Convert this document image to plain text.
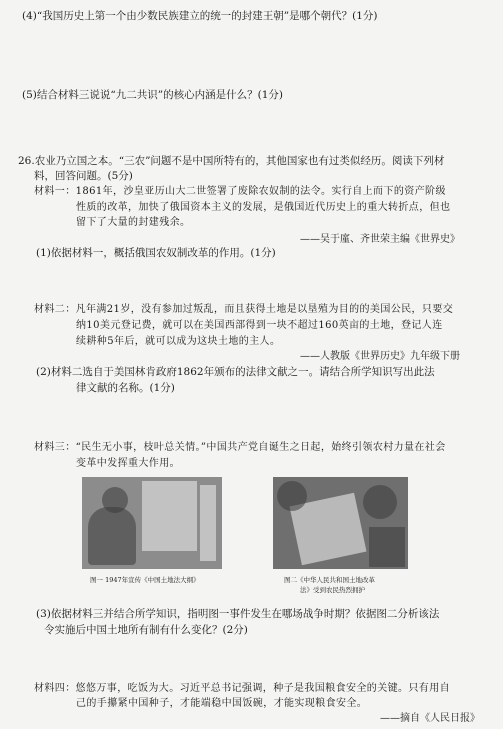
(4)“我国历史上第一个由少数民族建立的统一的封建王朝”是哪个朝代？(1分)
(5)结合材料三说说“九二共识”的核心内涵是什么？(1分)
26.农业乃立国之本。“三农”问题不是中国所特有的，其他国家也有过类似经历。阅读下列材
料，回答问题。(5分)
材料一：1861年，沙皇亚历山大二世签署了废除农奴制的法令。实行自上而下的资产阶级
性质的改革，加快了俄国资本主义的发展，是俄国近代历史上的重大转折点，但也
留下了大量的封建残余。
——吴于廑、齐世荣主编《世界史》
(1)依据材料一，概括俄国农奴制改革的作用。(1分)
材料二：凡年满21岁，没有参加过叛乱，而且获得土地是以垦殖为目的的美国公民，只要交
纳10美元登记费，就可以在美国西部得到一块不超过160英亩的土地，登记人连
续耕种5年后，就可以成为这块土地的主人。
——人教版《世界历史》九年级下册
(2)材料二选自于美国林肯政府1862年颁布的法律文献之一。请结合所学知识写出此法
律文献的名称。(1分)
材料三：“民生无小事，枝叶总关情。”中国共产党自诞生之日起，始终引领农村力量在社会
变革中发挥重大作用。
图一 1947年宣传《中国土地法大纲》	图二《中华人民共和国土地改革
法》受到农民热烈拥护
(3)依据材料三并结合所学知识，指明图一事件发生在哪场战争时期？依据图二分析该法
令实施后中国土地所有制有什么变化？(2分)
材料四：悠悠万事，吃饭为大。习近平总书记强调，种子是我国粮食安全的关键。只有用自
己的手攥紧中国种子，才能端稳中国饭碗，才能实现粮食安全。
——摘自《人民日报》
